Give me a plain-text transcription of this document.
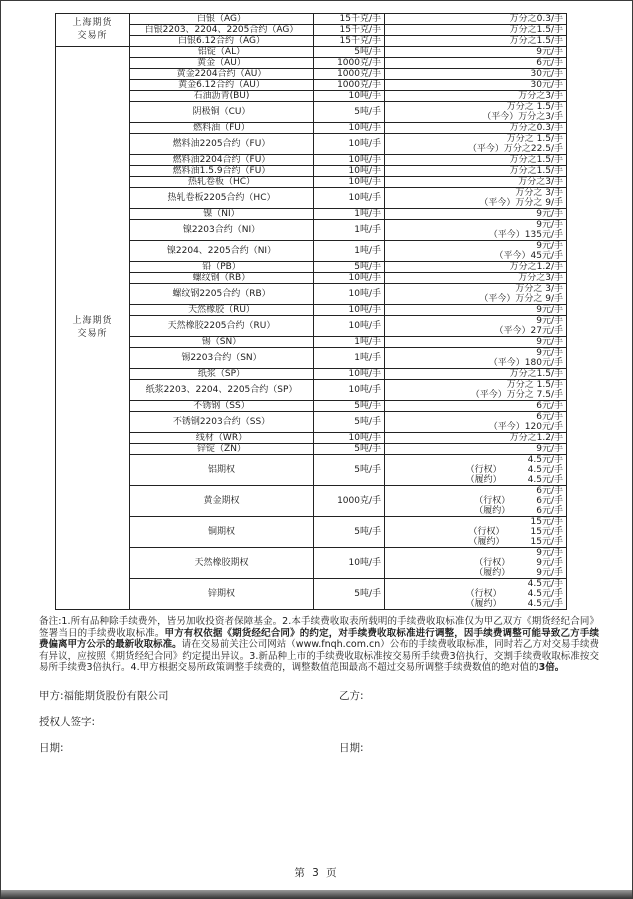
上海期货
交易所	白银（AG）	15千克/手	万分之0.3/手

	白银2203、2204、2205合约（AG）	15千克/手	万分之1.5/手

	白银6.12合约（AG）	15千克/手	万分之1.5/手

上海期货
交易所	铝锭（AL）	5吨/手	9元/手

	黄金（AU）	1000克/手	6元/手

	黄金2204合约（AU）	1000克/手	30元/手

	黄金6.12合约（AU）	1000克/手	30元/手

	石油沥青(BU)	10吨/手	万分之3/手

	阴极铜（CU）	5吨/手	万分之 1.5/手
（平今）万分之3/手

	燃料油（FU）	10吨/手	万分之0.3/手

	燃料油2205合约（FU）	10吨/手	万分之 1.5/手
（平今）万分之22.5/手

	燃料油2204合约（FU）	10吨/手	万分之1.5/手

	燃料油1.5.9合约（FU）	10吨/手	万分之1.5/手

	热轧卷板（HC）	10吨/手	万分之3/手

	热轧卷板2205合约（HC）	10吨/手	万分之 3/手
（平今）万分之 9/手

	镍（NI）	1吨/手	9元/手

	镍2203合约（NI）	1吨/手	9元/手
（平今）135元/手

	镍2204、2205合约（NI）	1吨/手	9元/手
（平今）45元/手

	铅（PB）	5吨/手	万分之1.2/手

	螺纹钢（RB）	10吨/手	万分之3/手

	螺纹钢2205合约（RB）	10吨/手	万分之 3/手
（平今）万分之 9/手

	天然橡胶（RU）	10吨/手	9元/手

	天然橡胶2205合约（RU）	10吨/手	9元/手
（平今）27元/手

	锡（SN）	1吨/手	9元/手

	锡2203合约（SN）	1吨/手	9元/手
（平今）180元/手

	纸浆（SP）	10吨/手	万分之1.5/手

	纸浆2203、2204、2205合约（SP）	10吨/手	万分之 1.5/手
（平今）万分之 7.5/手

	不锈钢（SS）	5吨/手	6元/手

	不锈钢2203合约（SS）	5吨/手	6元/手
（平今）120元/手

	线材（WR）	10吨/手	万分之1.2/手

	锌锭（ZN）	5吨/手	9元/手

	铝期权	5吨/手	4.5元/手
（行权） 4.5元/手
（履约） 4.5元/手

	黄金期权	1000克/手	6元/手
（行权） 6元/手
（履约） 6元/手

	铜期权	5吨/手	15元/手
（行权） 15元/手
（履约） 15元/手

	天然橡胶期权	10吨/手	9元/手
（行权） 9元/手
（履约） 9元/手

	锌期权	5吨/手	4.5元/手
（行权） 4.5元/手
（履约） 4.5元/手
备注:1.所有品种除手续费外，皆另加收投资者保障基金。2.本手续费收取表所载明的手续费收取标准仅为甲乙双方《期货经纪合同》签署当日的手续费收取标准。甲方有权依据《期货经纪合同》的约定，对手续费收取标准进行调整，因手续费调整可能导致乙方手续费偏离甲方公示的最新收取标准。请在交易前关注公司网站（www.fnqh.com.cn）公布的手续费收取标准，同时若乙方对交易手续费有异议，应按照《期货经纪合同》约定提出异议。3.新品种上市的手续费收取标准按交易所手续费3倍执行，交割手续费收取标准按交易所手续费3倍执行。4.甲方根据交易所政策调整手续费的，调整数值范围最高不超过交易所调整手续费数值的绝对值的3倍。
甲方:福能期货股份有限公司	乙方:
授权人签字:
日期:	日期:
第 3 页
